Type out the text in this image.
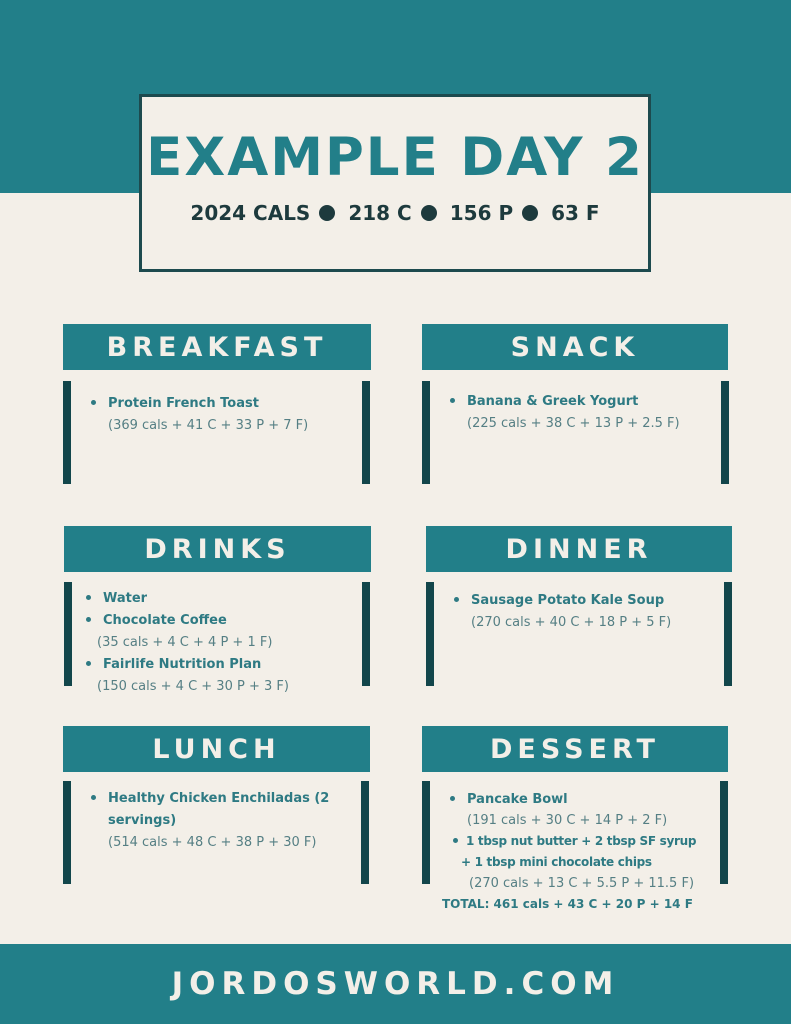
EXAMPLE DAY 2
2024 CALS 218 C 156 P 63 F
BREAKFAST
Protein French Toast
(369 cals + 41 C + 33 P + 7 F)
SNACK
Banana & Greek Yogurt
(225 cals + 38 C + 13 P + 2.5 F)
DRINKS
Water
Chocolate Coffee
(35 cals + 4 C + 4 P + 1 F)
Fairlife Nutrition Plan
(150 cals + 4 C + 30 P + 3 F)
DINNER
Sausage Potato Kale Soup
(270 cals + 40 C + 18 P + 5 F)
LUNCH
Healthy Chicken Enchiladas (2
servings)
(514 cals + 48 C + 38 P + 30 F)
DESSERT
Pancake Bowl
(191 cals + 30 C + 14 P + 2 F)
1 tbsp nut butter + 2 tbsp SF syrup
+ 1 tbsp mini chocolate chips
(270 cals + 13 C + 5.5 P + 11.5 F)
TOTAL: 461 cals + 43 C + 20 P + 14 F
JORDOSWORLD.COM
